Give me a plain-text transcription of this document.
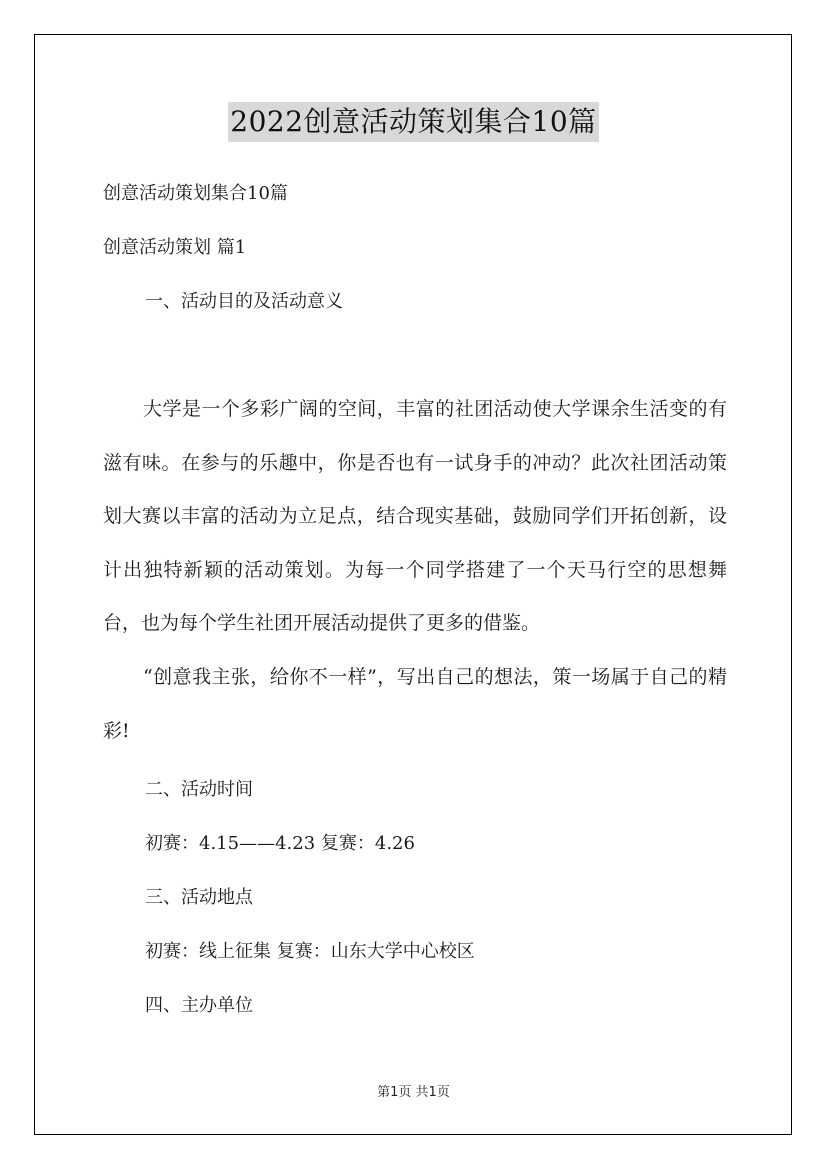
2022创意活动策划集合10篇
创意活动策划集合10篇
创意活动策划 篇1
一、活动目的及活动意义
大学是一个多彩广阔的空间，丰富的社团活动使大学课余生活变的有滋有味。在参与的乐趣中，你是否也有一试身手的冲动？此次社团活动策划大赛以丰富的活动为立足点，结合现实基础，鼓励同学们开拓创新，设计出独特新颖的活动策划。为每一个同学搭建了一个天马行空的思想舞台，也为每个学生社团开展活动提供了更多的借鉴。
“创意我主张，给你不一样”，写出自己的想法，策一场属于自己的精彩!
二、活动时间
初赛：4.15——4.23 复赛：4.26
三、活动地点
初赛：线上征集 复赛：山东大学中心校区
四、主办单位
第1页 共1页
